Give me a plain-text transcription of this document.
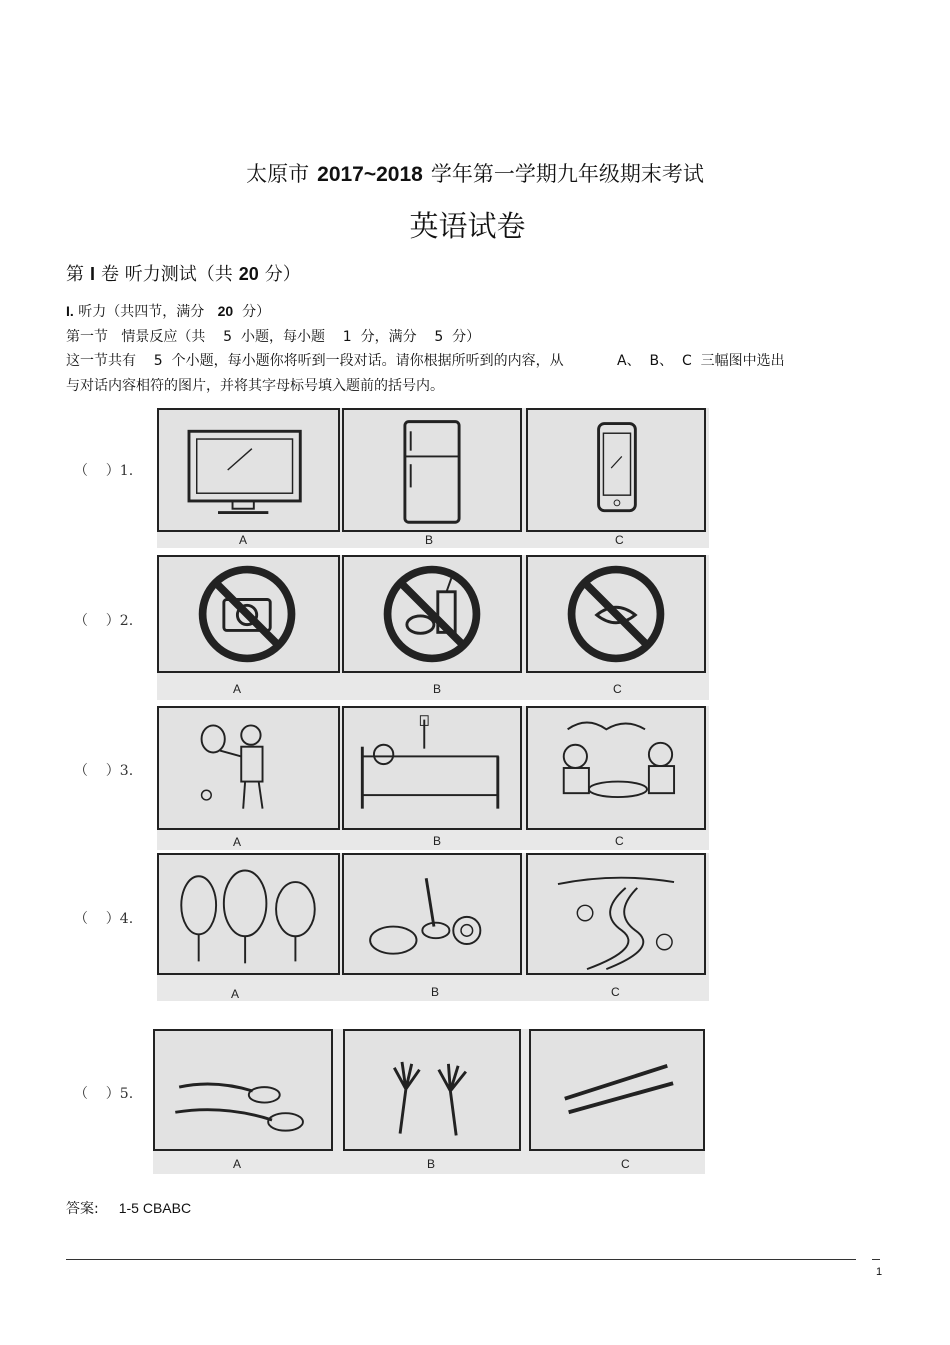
太原市 2017~2018 学年第一学期九年级期末考试
英语试卷
第 I 卷 听力测试（共 20 分）
I. 听力（共四节，满分 20 分）
第一节   情景反应（共    5  小题，每小题    1  分，满分    5  分）
这一节共有    5  个小题，每小题你将听到一段对话。请你根据所听到的内容，从            A、  B、  C  三幅图中选出
与对话内容相符的图片，并将其字母标号填入题前的括号内。
（    ）1.
A	B	C
（    ）2.
A	B	C
（    ）3.
A	B	C
（    ）4.
A	B	C
（    ）5.
A	B	C
答案: 1-5 CBABC
1
